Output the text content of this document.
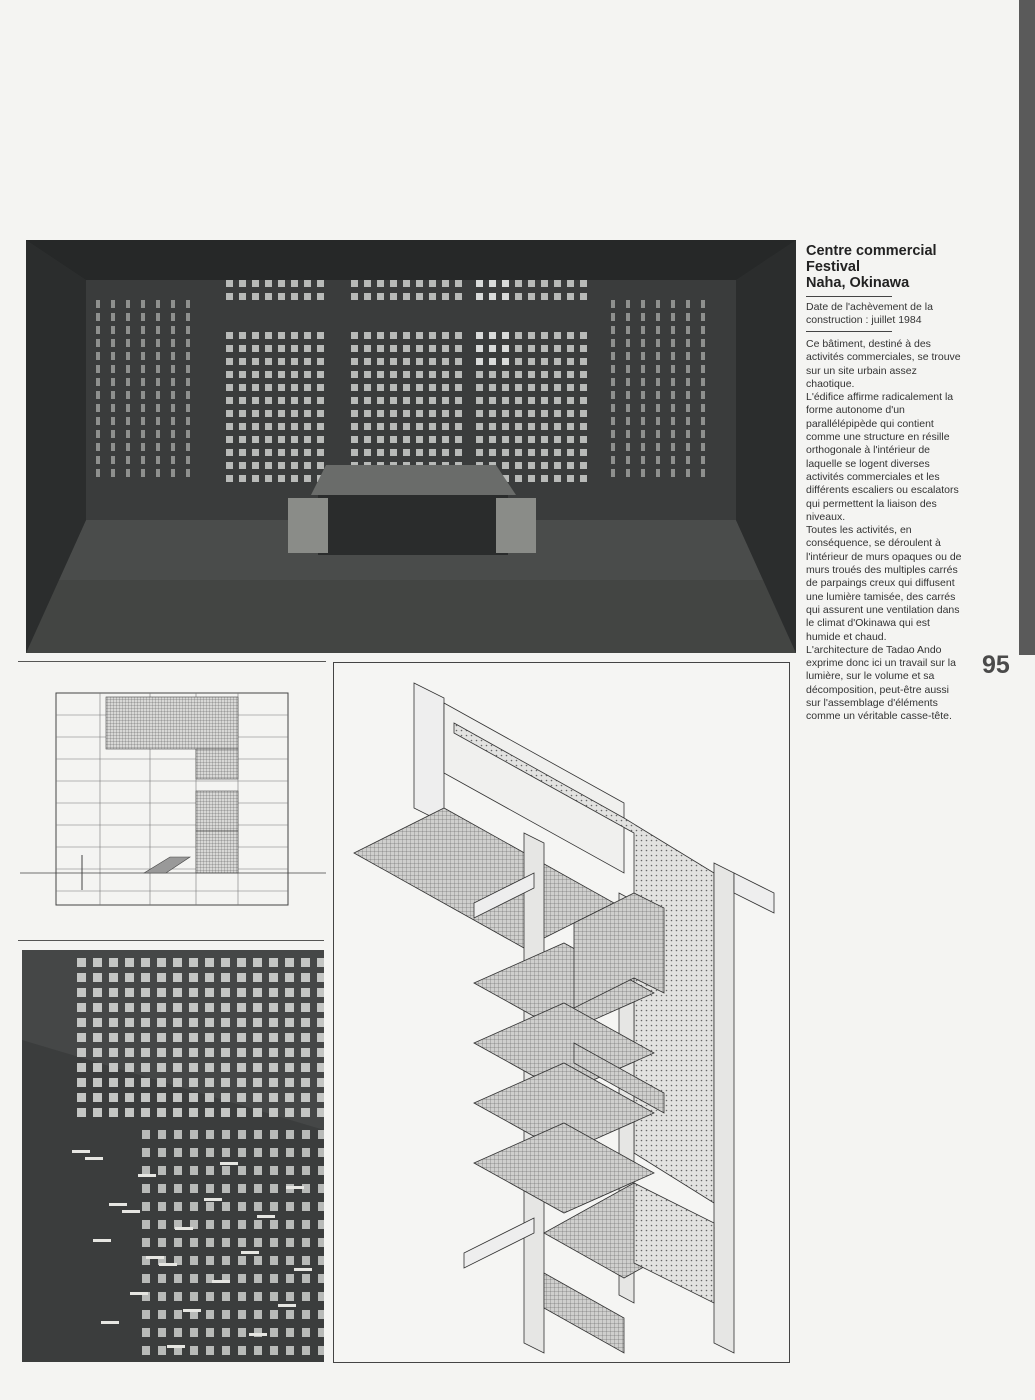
Centre commercial
Festival
Naha, Okinawa
Date de l'achèvement de la
construction : juillet 1984

Ce bâtiment, destiné à des activités commerciales, se trouve sur un site urbain assez chaotique.

L'édifice affirme radicalement la forme autonome d'un parallélépipède qui contient comme une structure en résille orthogonale à l'intérieur de laquelle se logent diverses activités commerciales et les différents escaliers ou escalators qui permettent la liaison des niveaux.

Toutes les activités, en conséquence, se déroulent à l'intérieur de murs opaques ou de murs troués des multiples carrés de parpaings creux qui diffusent une lumière tamisée, des carrés qui assurent une ventilation dans le climat d'Okinawa qui est humide et chaud.

L'architecture de Tadao Ando exprime donc ici un travail sur la lumière, sur le volume et sa décomposition, peut-être aussi sur l'assemblage d'éléments comme un véritable casse-tête.

95
